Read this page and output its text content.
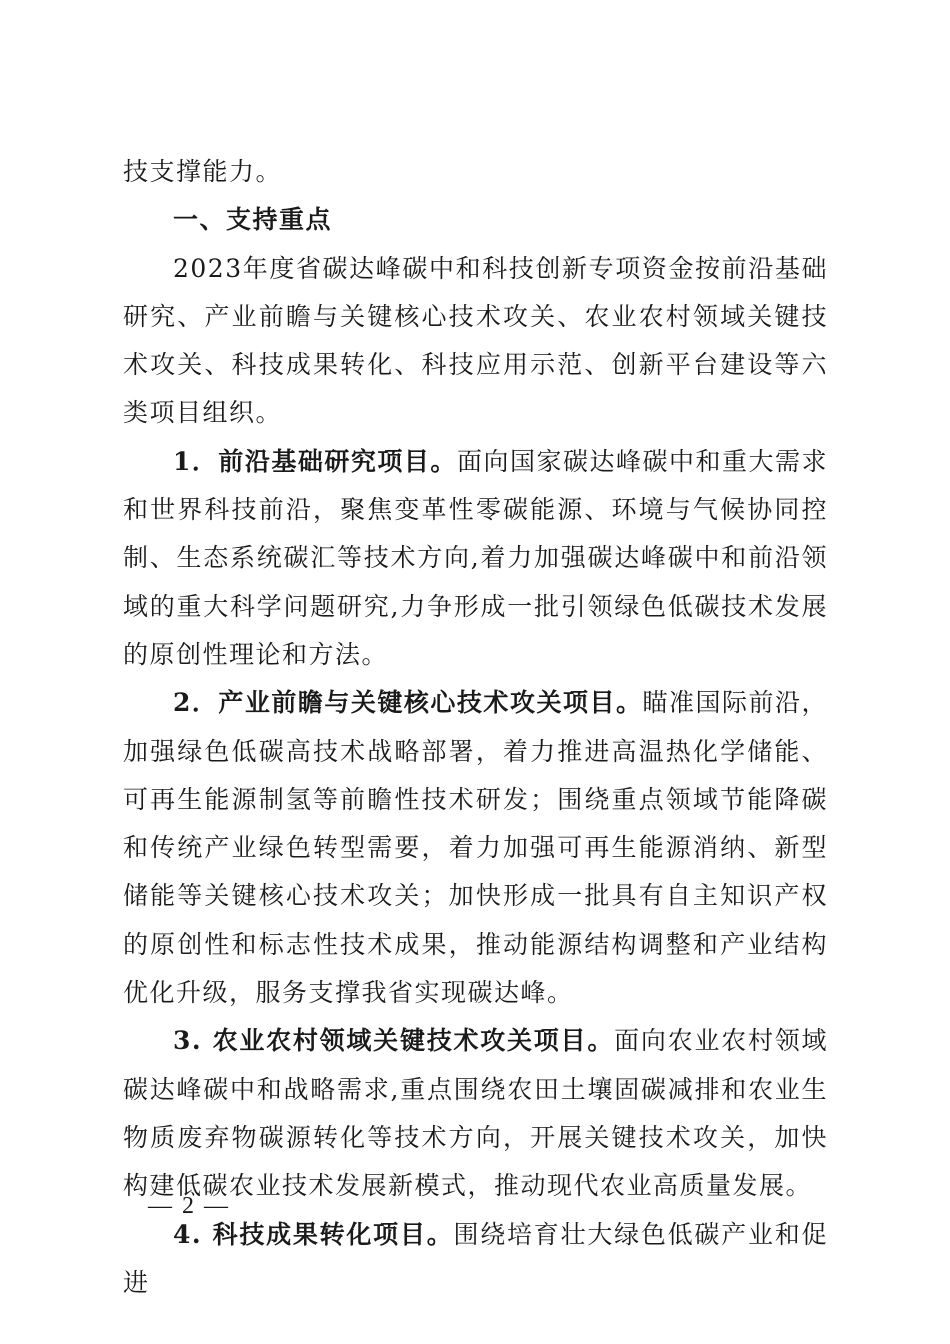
技支撑能力。

一、支持重点

2023年度省碳达峰碳中和科技创新专项资金按前沿基础研究、产业前瞻与关键核心技术攻关、农业农村领域关键技术攻关、科技成果转化、科技应用示范、创新平台建设等六类项目组织。

1．前沿基础研究项目。面向国家碳达峰碳中和重大需求和世界科技前沿，聚焦变革性零碳能源、环境与气候协同控制、生态系统碳汇等技术方向,着力加强碳达峰碳中和前沿领域的重大科学问题研究,力争形成一批引领绿色低碳技术发展的原创性理论和方法。

2．产业前瞻与关键核心技术攻关项目。瞄准国际前沿，加强绿色低碳高技术战略部署，着力推进高温热化学储能、可再生能源制氢等前瞻性技术研发；围绕重点领域节能降碳和传统产业绿色转型需要，着力加强可再生能源消纳、新型储能等关键核心技术攻关；加快形成一批具有自主知识产权的原创性和标志性技术成果，推动能源结构调整和产业结构优化升级，服务支撑我省实现碳达峰。

3. 农业农村领域关键技术攻关项目。面向农业农村领域碳达峰碳中和战略需求,重点围绕农田土壤固碳减排和农业生物质废弃物碳源转化等技术方向，开展关键技术攻关，加快构建低碳农业技术发展新模式，推动现代农业高质量发展。

4. 科技成果转化项目。围绕培育壮大绿色低碳产业和促进

— 2 —
